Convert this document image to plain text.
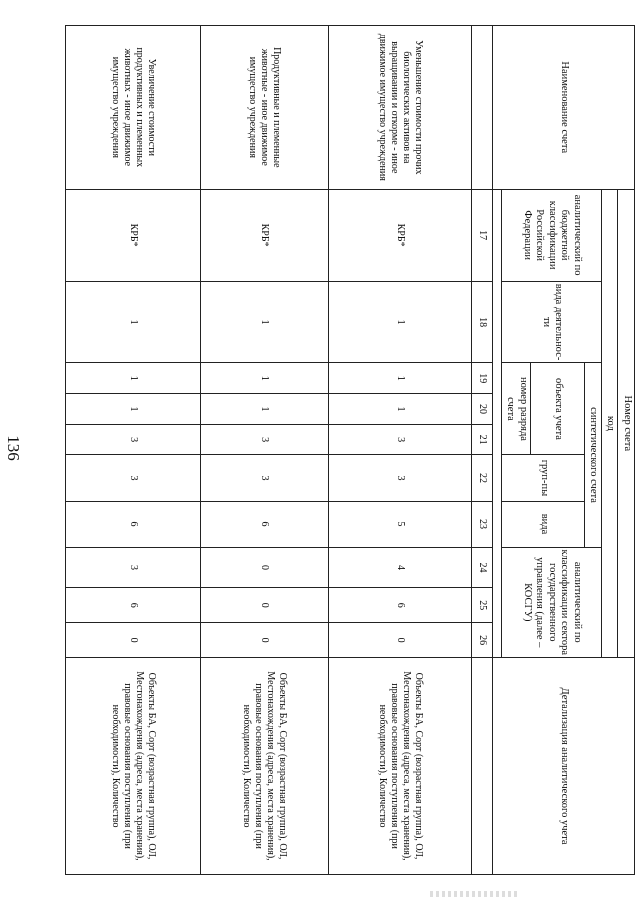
136
Наименование счета	Номер счета										Детализация аналитического учета
	код										
	аналитический по бюджетной классификации Российской Федерации	вида деятельнос-ти	синтетического счета					аналитический по классификации сектора государственного управления (далее – КОСГУ)			
			объекта учета			груп-пы	вида				
			номер разряда счета								

	17	18	19	20	21	22	23	24	25	26	
Уменьшение стоимости прочих биологических активов на выращивании и откорме - иное движимое имущество учреждения	КРБ*	1	1	1	3	3	5	4	6	0	Объекты БА, Сорт (возрастная группа), ОЛ, Местонахождения (адреса, места хранения), правовые основания поступления (при необходимости), Количество
Продуктивные и племенные животные - иное движимое имущество учреждения	КРБ*	1	1	1	3	3	6	0	0	0	Объекты БА, Сорт (возрастная группа), ОЛ, Местонахождения (адреса, места хранения), правовые основания поступления (при необходимости), Количество
Увеличение стоимости продуктивных и племенных животных - иное движимое имущество учреждения	КРБ*	1	1	1	3	3	6	3	6	0	Объекты БА, Сорт (возрастная группа), ОЛ, Местонахождения (адреса, места хранения), правовые основания поступления (при необходимости), Количество
